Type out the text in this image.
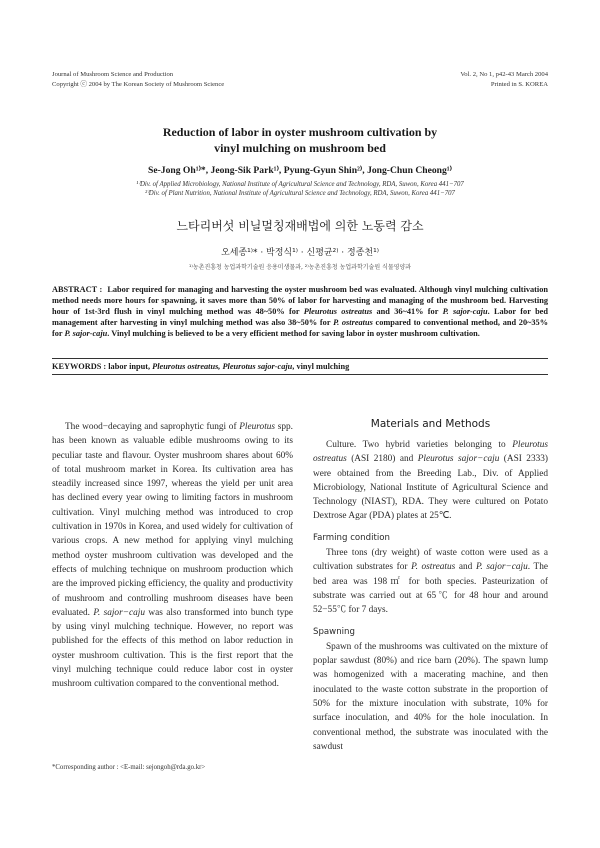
Journal of Mushroom Science and Production
Copyright ⓒ 2004 by The Korean Society of Mushroom Science
Vol. 2, No 1, p42-43 March 2004
Printed in S. KOREA
Reduction of labor in oyster mushroom cultivation by
vinyl mulching on mushroom bed
Se-Jong Oh¹⁾*, Jeong-Sik Park¹⁾, Pyung-Gyun Shin²⁾, Jong-Chun Cheong¹⁾
¹⁾Div. of Applied Microbiology, National Institute of Agricultural Science and Technology, RDA, Suwon, Korea 441−707
²⁾Div. of Plant Nutrition, National Institute of Agricultural Science and Technology, RDA, Suwon, Korea 441−707
느타리버섯 비닐멀칭재배법에 의한 노동력 감소
오세종¹⁾* · 박정식¹⁾ · 신평균²⁾ · 정종천¹⁾
¹⁾농촌진흥청 농업과학기술원 응용미생물과, ²⁾농촌진흥청 농업과학기술원 식물영양과
ABSTRACT : Labor required for managing and harvesting the oyster mushroom bed was evaluated. Although vinyl mulching cultivation method needs more hours for spawning, it saves more than 50% of labor for harvesting and managing of the mushroom bed. Harvesting hour of 1st-3rd flush in vinyl mulching method was 48~50% for Pleurotus ostreatus and 36~41% for P. sajor-caju. Labor for bed management after harvesting in vinyl mulching method was also 38~50% for P. ostreatus compared to conventional method, and 20~35% for P. sajor-caju. Vinyl mulching is believed to be a very efficient method for saving labor in oyster mushroom cultivation.
KEYWORDS : labor input, Pleurotus ostreatus, Pleurotus sajor-caju, vinyl mulching

The wood−decaying and saprophytic fungi of Pleurotus spp. has been known as valuable edible mushrooms owing to its peculiar taste and flavour. Oyster mushroom shares about 60% of total mushroom market in Korea. Its cultivation area has steadily increased since 1997, whereas the yield per unit area has declined every year owing to limiting factors in mushroom cultivation. Vinyl mulching method was introduced to crop cultivation in 1970s in Korea, and used widely for cultivation of various crops. A new method for applying vinyl mulching method oyster mushroom cultivation was developed and the effects of mulching technique on mushroom production which are the improved picking efficiency, the quality and productivity of mushroom and controlling mushroom diseases have been evaluated. P. sajor−caju was also transformed into bunch type by using vinyl mulching technique. However, no report was published for the effects of this method on labor reduction in oyster mushroom cultivation. This is the first report that the vinyl mulching technique could reduce labor cost in oyster mushroom cultivation compared to the conventional method.

*Corresponding author : <E-mail: sejongoh@rda.go.kr>
Materials and Methods

Culture. Two hybrid varieties belonging to Pleurotus ostreatus (ASI 2180) and Pleurotus sajor−caju (ASI 2333) were obtained from the Breeding Lab., Div. of Applied Microbiology, National Institute of Agricultural Science and Technology (NIAST), RDA. They were cultured on Potato Dextrose Agar (PDA) plates at 25℃.

Farming condition

Three tons (dry weight) of waste cotton were used as a cultivation substrates for P. ostreatus and P. sajor−caju. The bed area was 198㎡ for both species. Pasteurization of substrate was carried out at 65℃ for 48 hour and around 52−55℃ for 7 days.

Spawning

Spawn of the mushrooms was cultivated on the mixture of poplar sawdust (80%) and rice barn (20%). The spawn lump was homogenized with a macerating machine, and then inoculated to the waste cotton substrate in the proportion of 50% for the mixture inoculation with substrate, 10% for surface inoculation, and 40% for the hole inoculation. In conventional method, the substrate was inoculated with the sawdust
